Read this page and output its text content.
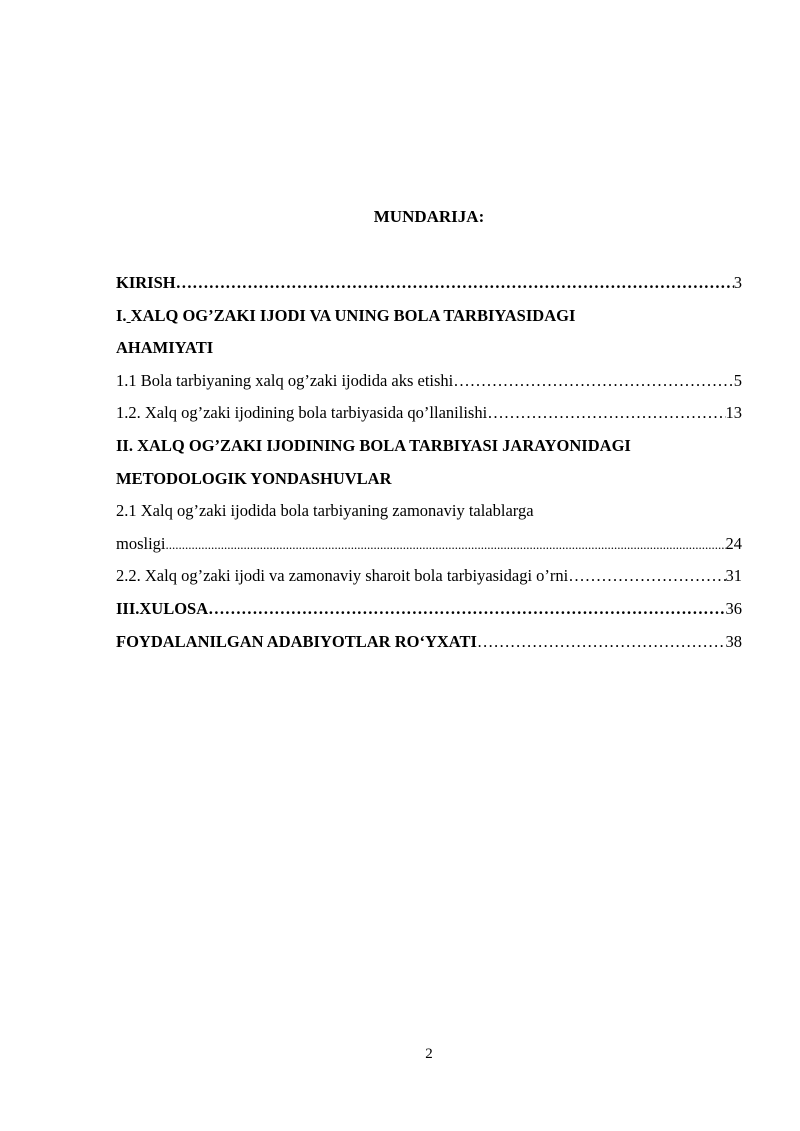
MUNDARIJA:
KIRISH ……………………………………………………………………………………………………………………………………………………………………………………………………	3
I. XALQ OG’ZAKI IJODI VA UNING BOLA TARBIYASIDAGI
AHAMIYATI
1.1 Bola tarbiyaning xalq og’zaki ijodida aks etishi ……………………………………………………………………………………………………………………………………………………………………………………………………	5
1.2. Xalq og’zaki ijodining bola tarbiyasida qo’llanilishi ……………………………………………………………………………………………………………………………………………………………………………………………………	13
II. XALQ OG’ZAKI IJODINING BOLA TARBIYASI JARAYONIDAGI
METODOLOGIK YONDASHUVLAR
2.1 Xalq og’zaki ijodida bola tarbiyaning zamonaviy talablarga
mosligi .....	24
2.2. Xalq og’zaki ijodi va zamonaviy sharoit bola tarbiyasidagi o’rni ……………………………………………………………………………………………………………………………………………………………………………………………………	31
III.XULOSA ……………………………………………………………………………………………………………………………………………………………………………………………………	36
FOYDALANILGAN ADABIYOTLAR RO‘YXATI ……………………………………………………………………………………………………………………………………………………………………………………………………	38
2
